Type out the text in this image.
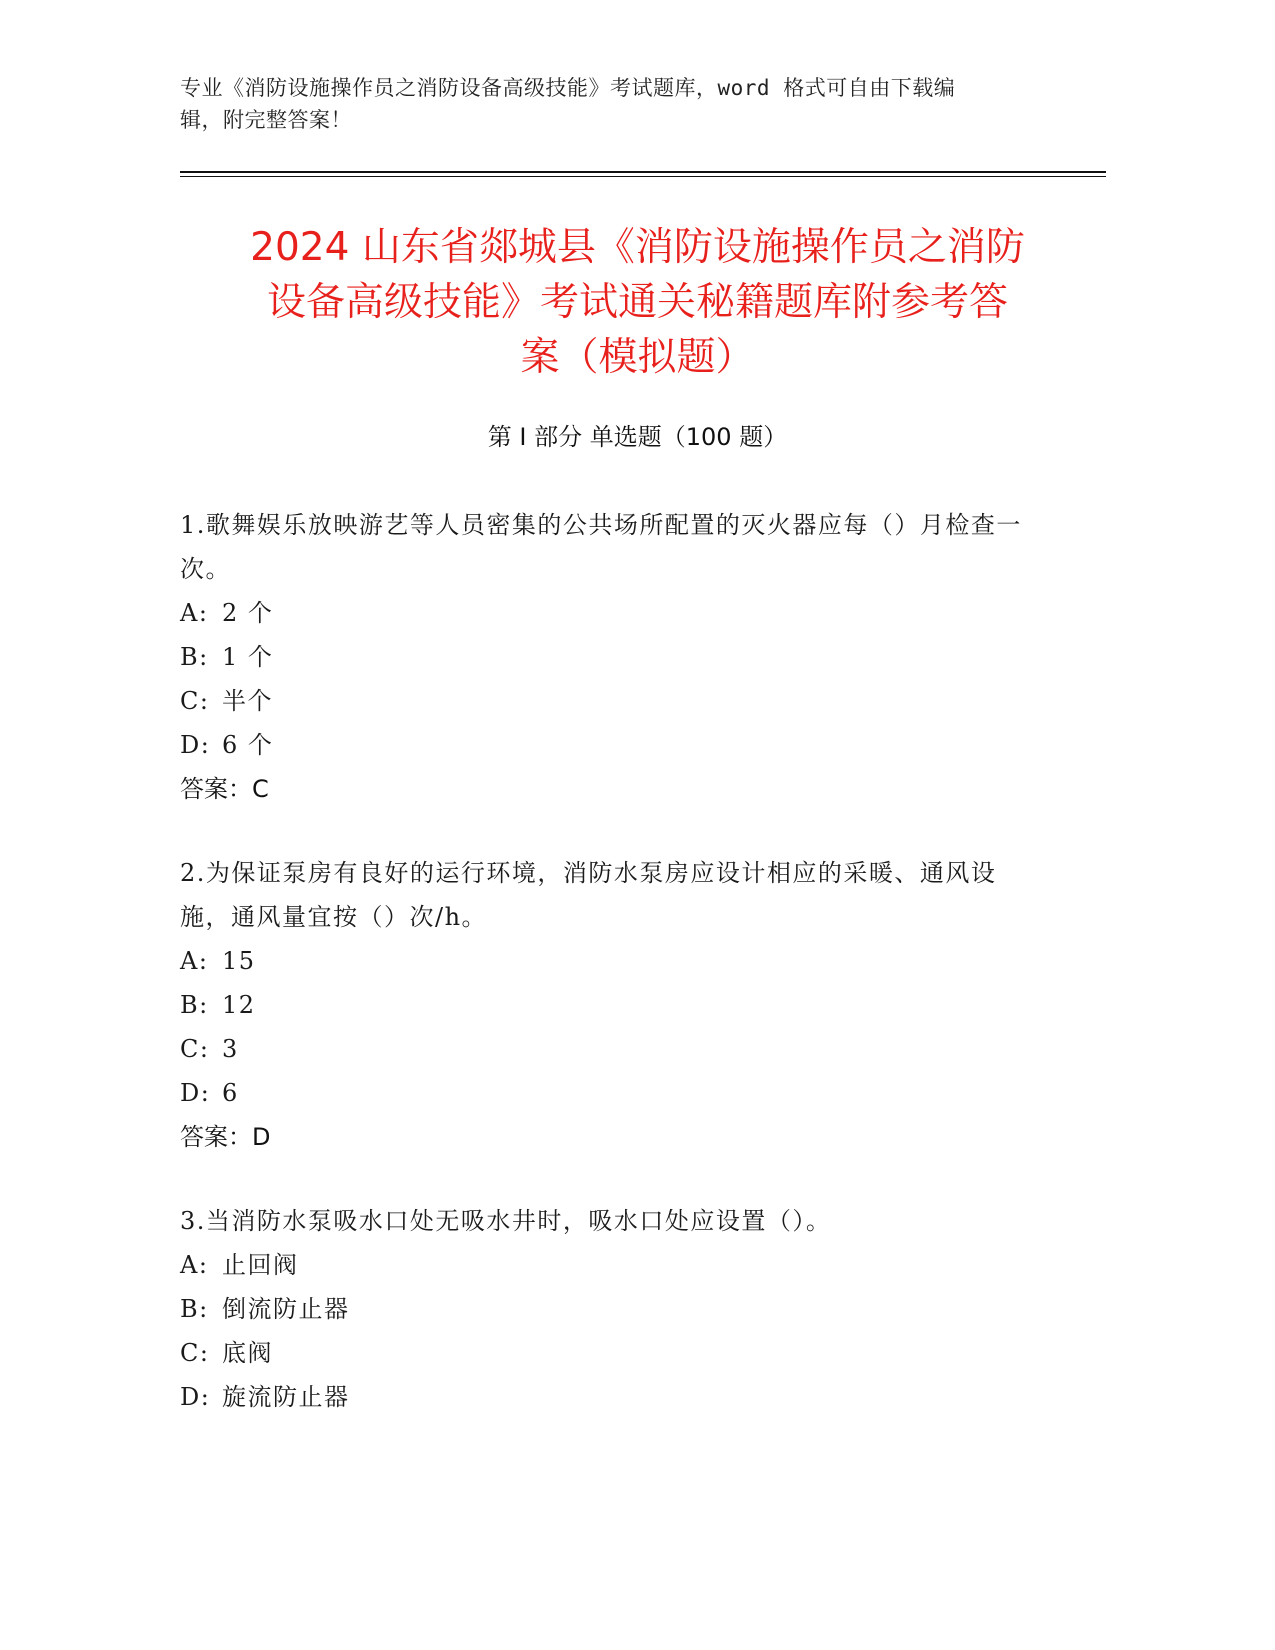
专业《消防设施操作员之消防设备高级技能》考试题库，word 格式可自由下载编
辑，附完整答案！
2024 山东省郯城县《消防设施操作员之消防
设备高级技能》考试通关秘籍题库附参考答
案（模拟题）
第 I 部分 单选题（100 题）
1.歌舞娱乐放映游艺等人员密集的公共场所配置的灭火器应每（）月检查一次。
A: 2 个
B: 1 个
C: 半个
D: 6 个
答案：C
2.为保证泵房有良好的运行环境，消防水泵房应设计相应的采暖、通风设施，通风量宜按（）次/h。
A: 15
B: 12
C: 3
D: 6
答案：D
3.当消防水泵吸水口处无吸水井时，吸水口处应设置（）。
A: 止回阀
B: 倒流防止器
C: 底阀
D: 旋流防止器
